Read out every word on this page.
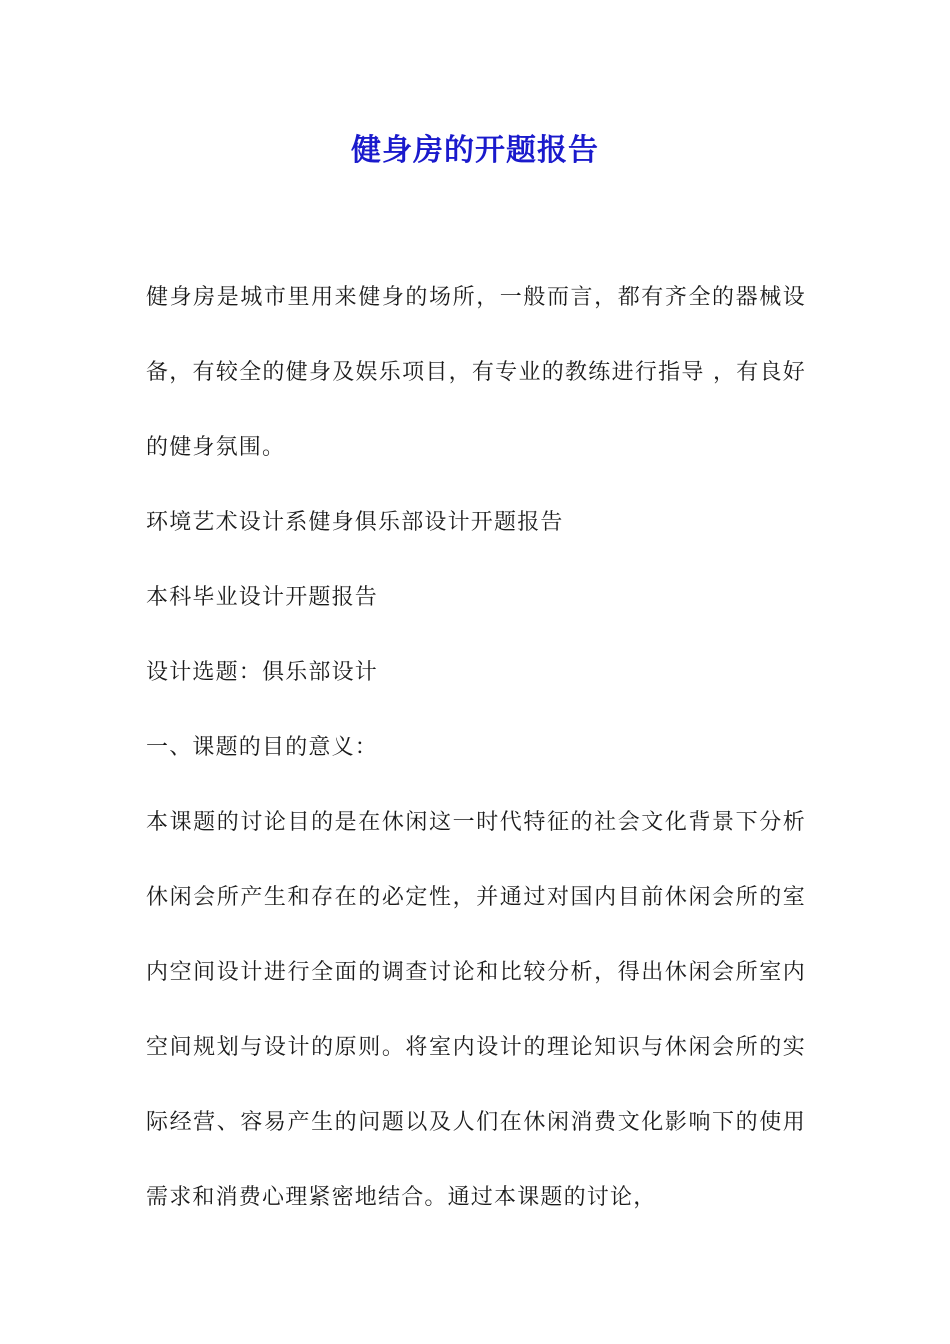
健身房的开题报告

健身房是城市里用来健身的场所，一般而言，都有齐全的器械设备，有较全的健身及娱乐项目，有专业的教练进行指导 ，有良好的健身氛围。

环境艺术设计系健身俱乐部设计开题报告

本科毕业设计开题报告

设计选题：俱乐部设计

一、课题的目的意义：

本课题的讨论目的是在休闲这一时代特征的社会文化背景下分析休闲会所产生和存在的必定性，并通过对国内目前休闲会所的室内空间设计进行全面的调查讨论和比较分析，得出休闲会所室内空间规划与设计的原则。将室内设计的理论知识与休闲会所的实际经营、容易产生的问题以及人们在休闲消费文化影响下的使用需求和消费心理紧密地结合。通过本课题的讨论，
